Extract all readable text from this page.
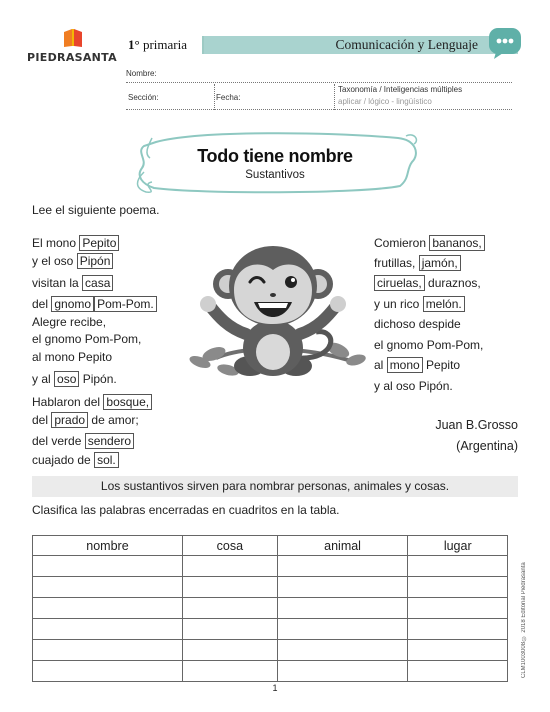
PIEDRASANTA
1° primaria	Comunicación y Lenguaje
Nombre:
Sección:	Fecha:
Taxonomía / Inteligencias múltiples
aplicar / lógico - lingüístico
Todo tiene nombre
Sustantivos
Lee el siguiente poema.
El mono Pepito
y el oso Pipón
visitan la casa
del gnomo Pom-Pom.
Alegre recibe,
el gnomo Pom-Pom,
al mono Pepito
y al oso Pipón.
Hablaron del bosque,
del prado de amor;
del verde sendero
cuajado de sol.
Comieron bananos,
frutillas, jamón,
ciruelas, duraznos,
y un rico melón.
dichoso despide
el gnomo Pom-Pom,
al mono Pepito
y al oso Pipón.
Juan B.Grosso
(Argentina)
Los sustantivos sirven para nombrar personas, animales y cosas.
Clasifica las palabras encerradas en cuadritos en la tabla.
nombre	cosa	animal	lugar

CLM1003008 © 2018 Editorial Piedrasanta
1
